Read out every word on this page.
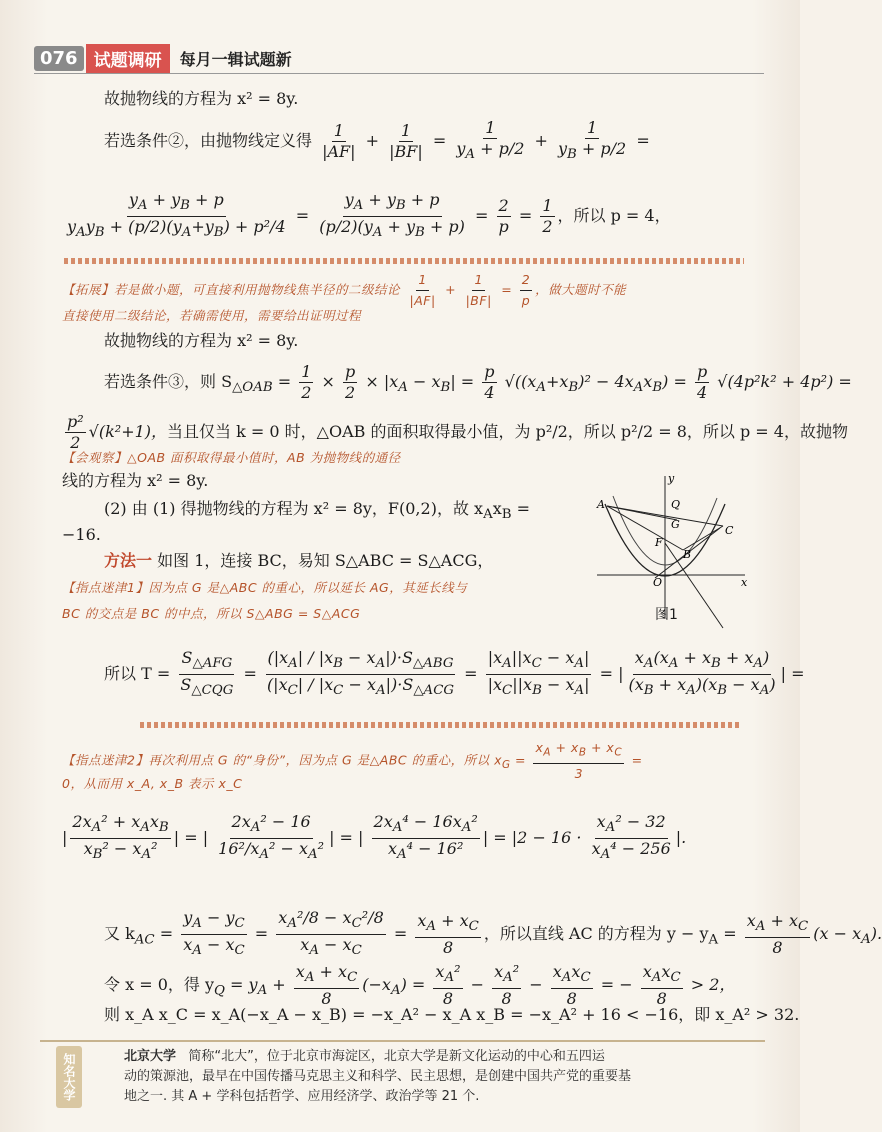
076 试题调研	每月一辑试题新
故抛物线的方程为 x² = 8y.
若选条件②，由抛物线定义得 $\frac{1}{|AF|} + \frac{1}{|BF|} = \frac{1}{y_A + p/2} + \frac{1}{y_B + p/2}$ =
$y_A + y_B + p$
$y_Ay_B + (p/2)(y_A+y_B) + p^2/4$
= $\frac{y_A + y_B + p}{(p/2)(y_A + y_B + p)} = \frac{2}{p} = \frac{1}{2}$ ，所以 p = 4，
【拓展】若是做小题，可直接利用抛物线焦半径的二级结论 $\frac{1}{|AF|} + \frac{1}{|BF|} = \frac{2}{p}$ ，做大题时不能
直接使用二级结论，若确需使用，需要给出证明过程
故抛物线的方程为 x² = 8y.
若选条件③，则 $S_{\triangle OAB} = \frac{1}{2} \times \frac{p}{2} \times |x_A - x_B| = \frac{p}{4} √((x_A+x_B)^2 - 4x_Ax_B) = \frac{p}{4} √(4p^2k^2 + 4p^2)$ =
$\frac{\text{p²}}{2} √(k^2+1)$，当且仅当 k = 0 时，△OAB 的面积取得最小值，为 p²/2，所以 p²/2 = 8，所以 p = 4，故抛物
【会观察】△OAB 面积取得最小值时，AB 为抛物线的通径
线的方程为 x² = 8y.
(2) 由 (1) 得抛物线的方程为 x² = 8y，F(0,2)，故 $x_Ax_B$ =
−16.
方法一 如图 1，连接 BC，易知 S△ABC = S△ACG，
【指点迷津1】因为点 G 是△ABC 的重心，所以延长 AG，其延长线与
BC 的交点是 BC 的中点，所以 S△ABG = S△ACG
y
Q
A
G	C
F
B
O	x
图1
所以 T =
$S_{\triangle AFG}$
$S_{\triangle CQG}$
=
$(|x_A| / |x_B - x_A|)\cdot S_{\triangle ABG}$
$(|x_C| / |x_C - x_A|)\cdot S_{\triangle ACG}$
= $\frac{|x_A||x_C - x_A|}{|x_C||x_B - x_A|}$ = | $\frac{x_A(x_A + x_B + x_A)}{(x_B + x_A)(x_B - x_A)}$ | =
【指点迷津2】再次利用点 G 的“身份”，因为点 G 是△ABC 的重心，所以 $x_G = \frac{x_A + x_B + x_C}{3}$ =
0，从而用 x_A, x_B 表示 x_C
|
$2x_A^2 + x_Ax_B$
$x_B^2 - x_A^2$
| = | $\frac{2x_A^2 - 16}{16^2/x_A^2 - x_A^2}$ | = | $\frac{2x_A^4 - 16x_A^2}{x_A^4 - 16^2}$ | = $|2 - 16 \cdot \frac{x_A^2 - 32}{x_A^4 - 256}$ |.
又 $k_{AC} = \frac{y_A - y_C}{x_A - x_C} = \frac{x_A^2/8 - x_C^2/8}{x_A - x_C} = \frac{x_A + x_C}{8}$ ，所以直线 AC 的方程为 $y - y_A = \frac{x_A + x_C}{8} (x - x_A)$.
令 x = 0，得 $y_Q = y_A + \frac{x_A + x_C}{8} (-x_A) = \frac{x_A^2}{8} - \frac{x_A^2}{8}$ −
$x_Ax_C$
8
= −
$x_Ax_C$
8
> 2，
则 x_A x_C = x_A(−x_A − x_B) = −x_A² − x_A x_B = −x_A² + 16 < −16，即 x_A² > 32.
知名大学	北京大学 简称“北大”，位于北京市海淀区，北京大学是新文化运动的中心和五四运
动的策源池，最早在中国传播马克思主义和科学、民主思想，是创建中国共产党的重要基
地之一. 其 A + 学科包括哲学、应用经济学、政治学等 21 个.
